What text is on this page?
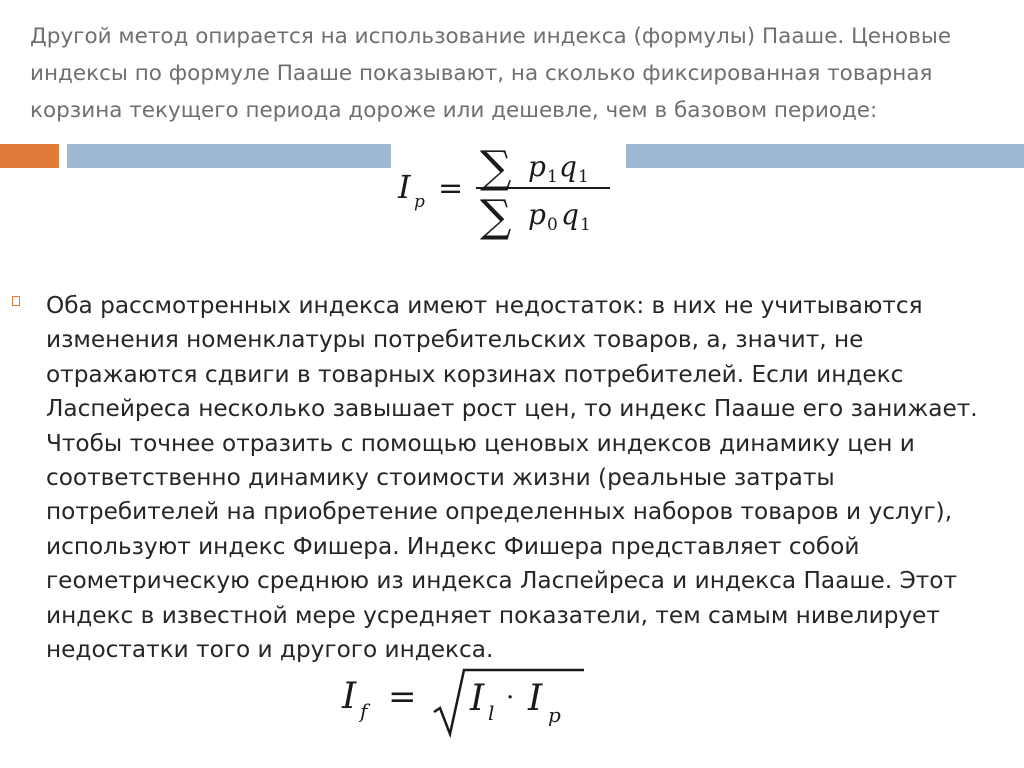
Другой метод опирается на использование индекса (формулы) Пааше. Ценовые индексы по формуле Пааше показывают, на сколько фиксированная товарная корзина текущего периода дороже или дешевле, чем в базовом периоде:
I p = ∑ p 1 q 1
∑ p 0 q 1
Оба рассмотренных индекса имеют недостаток: в них не учитываются изменения номенклатуры потребительских товаров, а, значит, не отражаются сдвиги в товарных корзинах потребителей. Если индекс Ласпейреса несколько завышает рост цен, то индекс Пааше его занижает. Чтобы точнее отразить с помощью ценовых индексов динамику цен и соответственно динамику стоимости жизни (реальные затраты потребителей на приобретение определенных наборов товаров и услуг), используют индекс Фишера. Индекс Фишера представляет собой геометрическую среднюю из индекса Ласпейреса и индекса Пааше. Этот индекс в известной мере усредняет показатели, тем самым нивелирует недостатки того и другого индекса.
I f = I l · I p
